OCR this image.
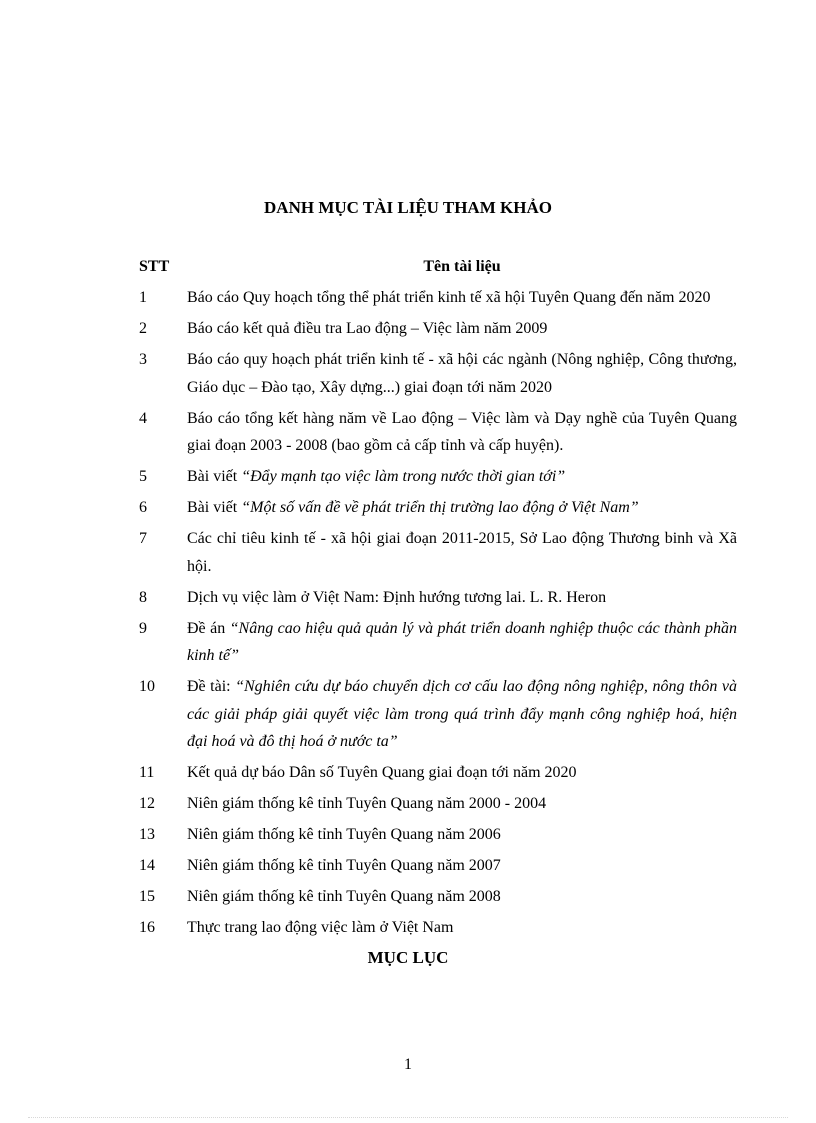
DANH MỤC TÀI LIỆU THAM KHẢO
STT	Tên tài liệu
1	Báo cáo Quy hoạch tổng thể phát triển kinh tế xã hội Tuyên Quang đến năm 2020
2	Báo cáo kết quả điều tra Lao động – Việc làm năm 2009
3	Báo cáo quy hoạch phát triển kinh tế - xã hội các ngành (Nông nghiệp, Công thương, Giáo dục – Đào tạo, Xây dựng...) giai đoạn tới năm 2020
4	Báo cáo tổng kết hàng năm về Lao động – Việc làm và Dạy nghề của Tuyên Quang giai đoạn 2003 - 2008 (bao gồm cả cấp tỉnh và cấp huyện).
5	Bài viết “Đẩy mạnh tạo việc làm trong nước thời gian tới”
6	Bài viết “Một số vấn đề về phát triển thị trường lao động ở Việt Nam”
7	Các chỉ tiêu kinh tế - xã hội giai đoạn 2011-2015, Sở Lao động Thương binh và Xã hội.
8	Dịch vụ việc làm ở Việt Nam: Định hướng tương lai. L. R. Heron
9	Đề án “Nâng cao hiệu quả quản lý và phát triển doanh nghiệp thuộc các thành phần kinh tế”
10	Đề tài: “Nghiên cứu dự báo chuyển dịch cơ cấu lao động nông nghiệp, nông thôn và các giải pháp giải quyết việc làm trong quá trình đẩy mạnh công nghiệp hoá, hiện đại hoá và đô thị hoá ở nước ta”
11	Kết quả dự báo Dân số Tuyên Quang giai đoạn tới năm 2020
12	Niên giám thống kê tỉnh Tuyên Quang năm 2000 - 2004
13	Niên giám thống kê tỉnh Tuyên Quang năm 2006
14	Niên giám thống kê tỉnh Tuyên Quang năm 2007
15	Niên giám thống kê tỉnh Tuyên Quang năm 2008
16	Thực trang lao động việc làm ở Việt Nam
MỤC LỤC
1
